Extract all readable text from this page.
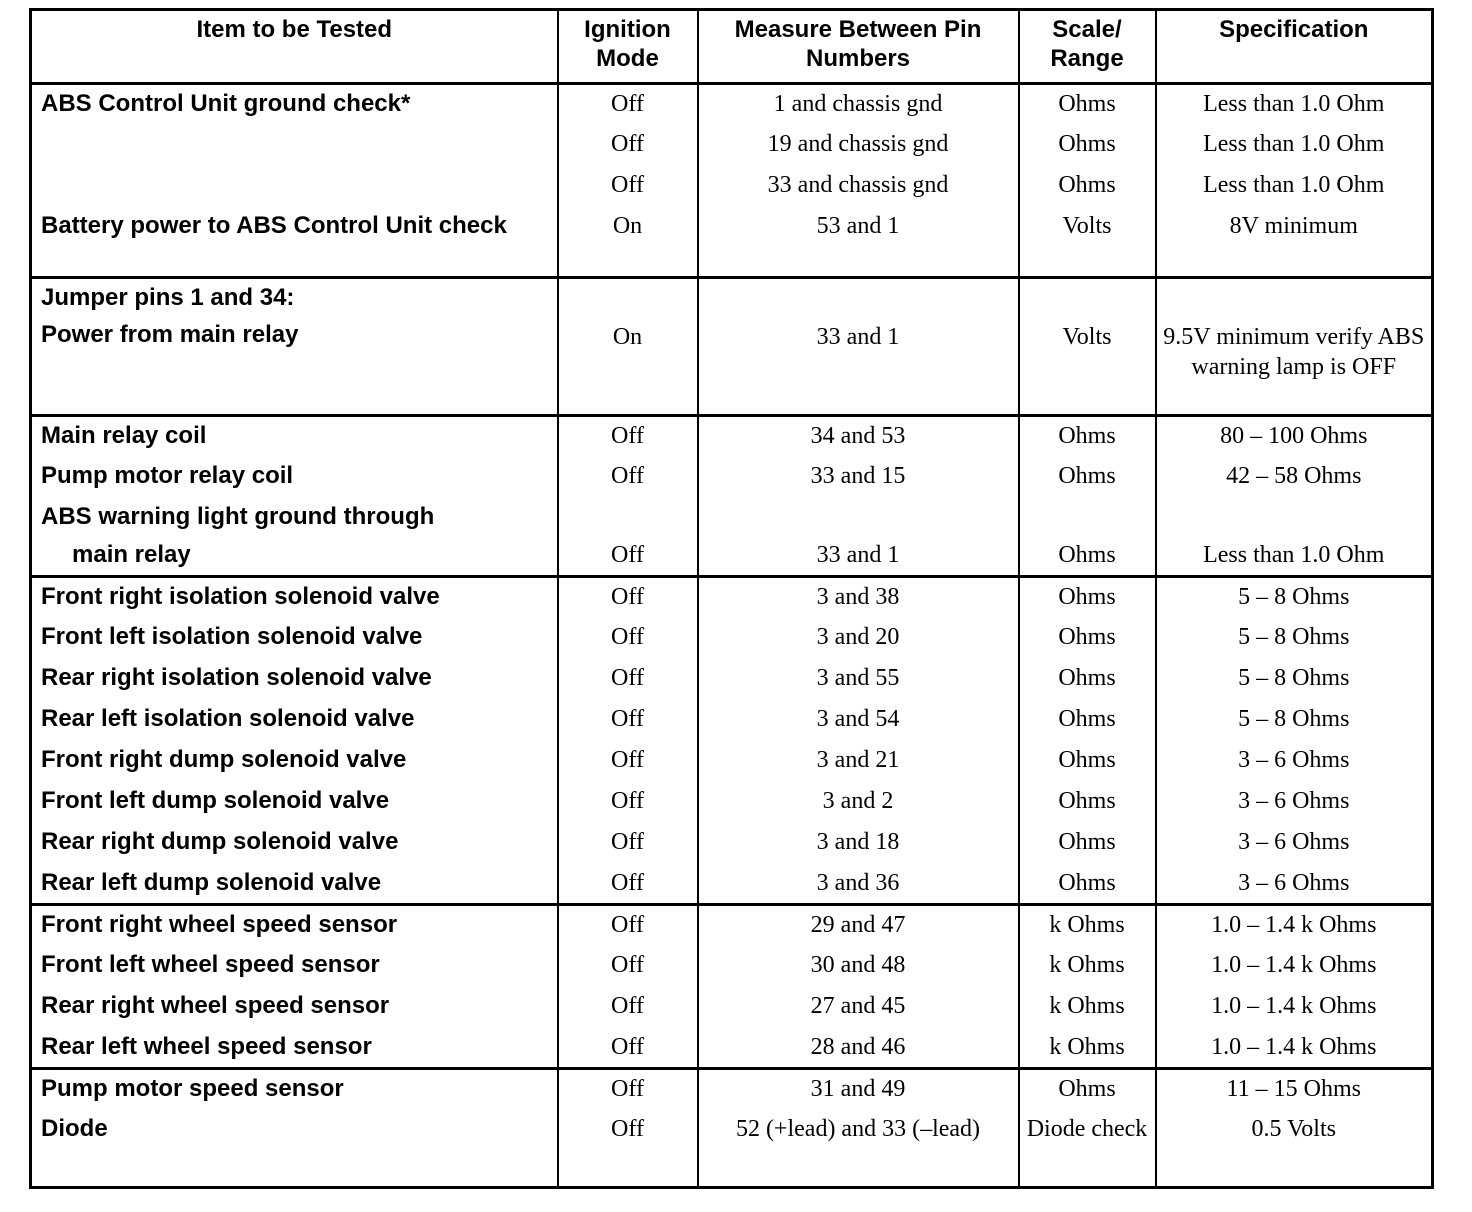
Item to be Tested	Ignition Mode	Measure Between Pin Numbers	Scale/ Range	Specification
ABS Control Unit ground check*	Off	1 and chassis gnd	Ohms	Less than 1.0 Ohm
	Off	19 and chassis gnd	Ohms	Less than 1.0 Ohm
	Off	33 and chassis gnd	Ohms	Less than 1.0 Ohm
Battery power to ABS Control Unit check	On	53 and 1	Volts	8V minimum
Jumper pins 1 and 34:				
Power from main relay	On	33 and 1	Volts	9.5V minimum verify ABS warning lamp is OFF
Main relay coil	Off	34 and 53	Ohms	80 – 100 Ohms
Pump motor relay coil	Off	33 and 15	Ohms	42 – 58 Ohms
ABS warning light ground through				
main relay	Off	33 and 1	Ohms	Less than 1.0 Ohm
Front right isolation solenoid valve	Off	3 and 38	Ohms	5 – 8 Ohms
Front left isolation solenoid valve	Off	3 and 20	Ohms	5 – 8 Ohms
Rear right isolation solenoid valve	Off	3 and 55	Ohms	5 – 8 Ohms
Rear left isolation solenoid valve	Off	3 and 54	Ohms	5 – 8 Ohms
Front right dump solenoid valve	Off	3 and 21	Ohms	3 – 6 Ohms
Front left dump solenoid valve	Off	3 and 2	Ohms	3 – 6 Ohms
Rear right dump solenoid valve	Off	3 and 18	Ohms	3 – 6 Ohms
Rear left dump solenoid valve	Off	3 and 36	Ohms	3 – 6 Ohms
Front right wheel speed sensor	Off	29 and 47	k Ohms	1.0 – 1.4 k Ohms
Front left wheel speed sensor	Off	30 and 48	k Ohms	1.0 – 1.4 k Ohms
Rear right wheel speed sensor	Off	27 and 45	k Ohms	1.0 – 1.4 k Ohms
Rear left wheel speed sensor	Off	28 and 46	k Ohms	1.0 – 1.4 k Ohms
Pump motor speed sensor	Off	31 and 49	Ohms	11 – 15 Ohms
Diode	Off	52 (+lead) and 33 (–lead)	Diode check	0.5 Volts
